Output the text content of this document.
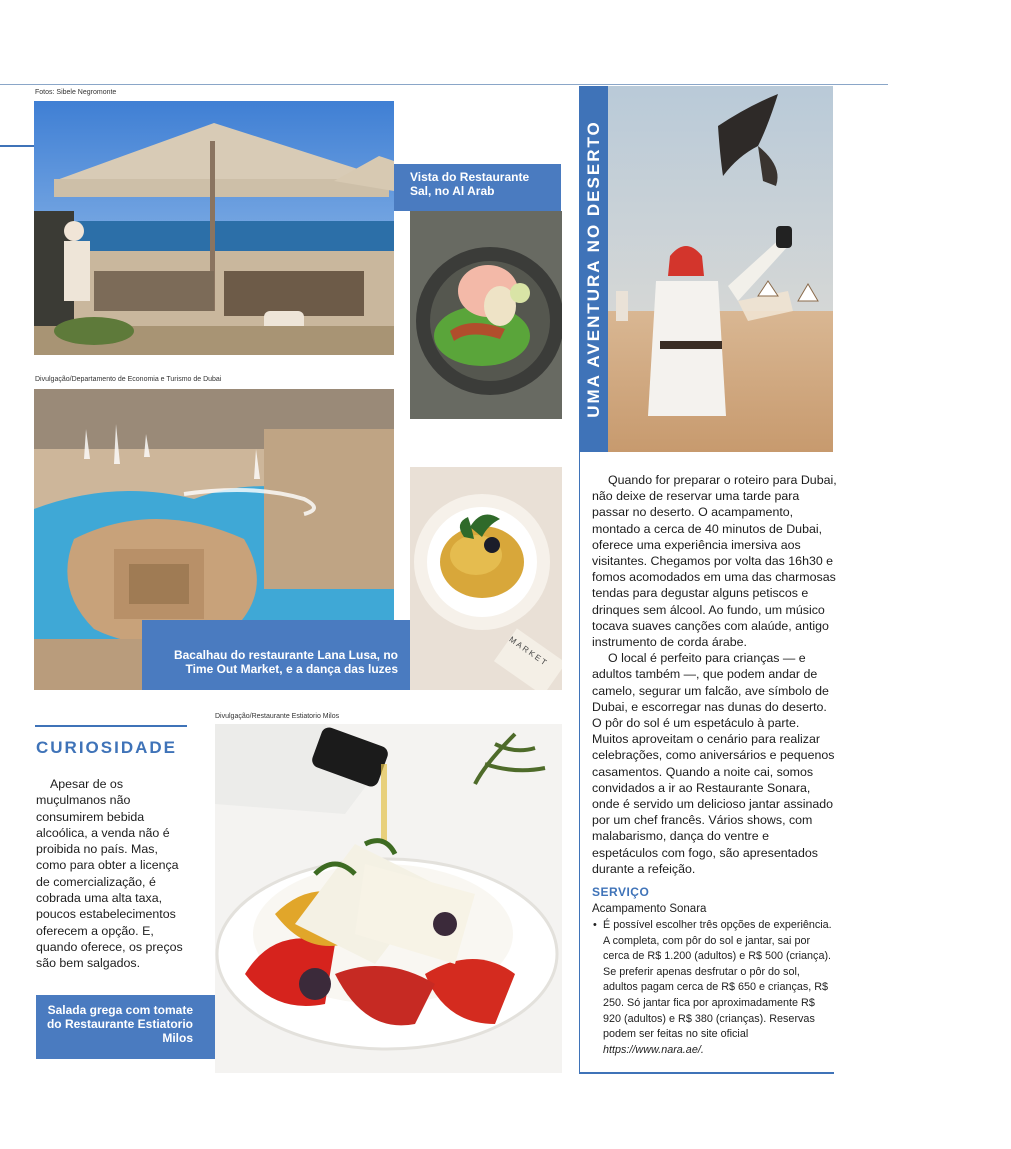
Fotos: Sibele Negromonte
Divulgação/Departamento de Economia e Turismo de Dubai
Divulgação/Restaurante Estiatorio Milos
Vista do Restaurante Sal, no Al Arab
MARKET
Bacalhau do restaurante Lana Lusa, no Time Out Market, e a dança das luzes
CURIOSIDADE

Apesar de os muçulmanos não consumirem bebida alcoólica, a venda não é proibida no país. Mas, como para obter a licença de comercialização, é cobrada uma alta taxa, poucos estabelecimentos oferecem a opção. E, quando oferece, os preços são bem salgados.

Salada grega com tomate do Restaurante Estiatorio Milos
UMA AVENTURA NO DESERTO

Quando for preparar o roteiro para Dubai, não deixe de reservar uma tarde para passar no deserto. O acampamento, montado a cerca de 40 minutos de Dubai, oferece uma experiência imersiva aos visitantes. Chegamos por volta das 16h30 e fomos acomodados em uma das charmosas tendas para degustar alguns petiscos e drinques sem álcool. Ao fundo, um músico tocava suaves canções com alaúde, antigo instrumento de corda árabe.

O local é perfeito para crianças — e adultos também —, que podem andar de camelo, segurar um falcão, ave símbolo de Dubai, e escorregar nas dunas do deserto. O pôr do sol é um espetáculo à parte. Muitos aproveitam o cenário para realizar celebrações, como aniversários e pequenos casamentos. Quando a noite cai, somos convidados a ir ao Restaurante Sonara, onde é servido um delicioso jantar assinado por um chef francês. Vários shows, com malabarismo, dança do ventre e espetáculos com fogo, são apresentados durante a refeição.

SERVIÇO
Acampamento Sonara
• É possível escolher três opções de experiência. A completa, com pôr do sol e jantar, sai por cerca de R$ 1.200 (adultos) e R$ 500 (criança). Se preferir apenas desfrutar o pôr do sol, adultos pagam cerca de R$ 650 e crianças, R$ 250. Só jantar fica por aproximadamente R$ 920 (adultos) e R$ 380 (crianças). Reservas podem ser feitas no site oficial https://www.nara.ae/.
